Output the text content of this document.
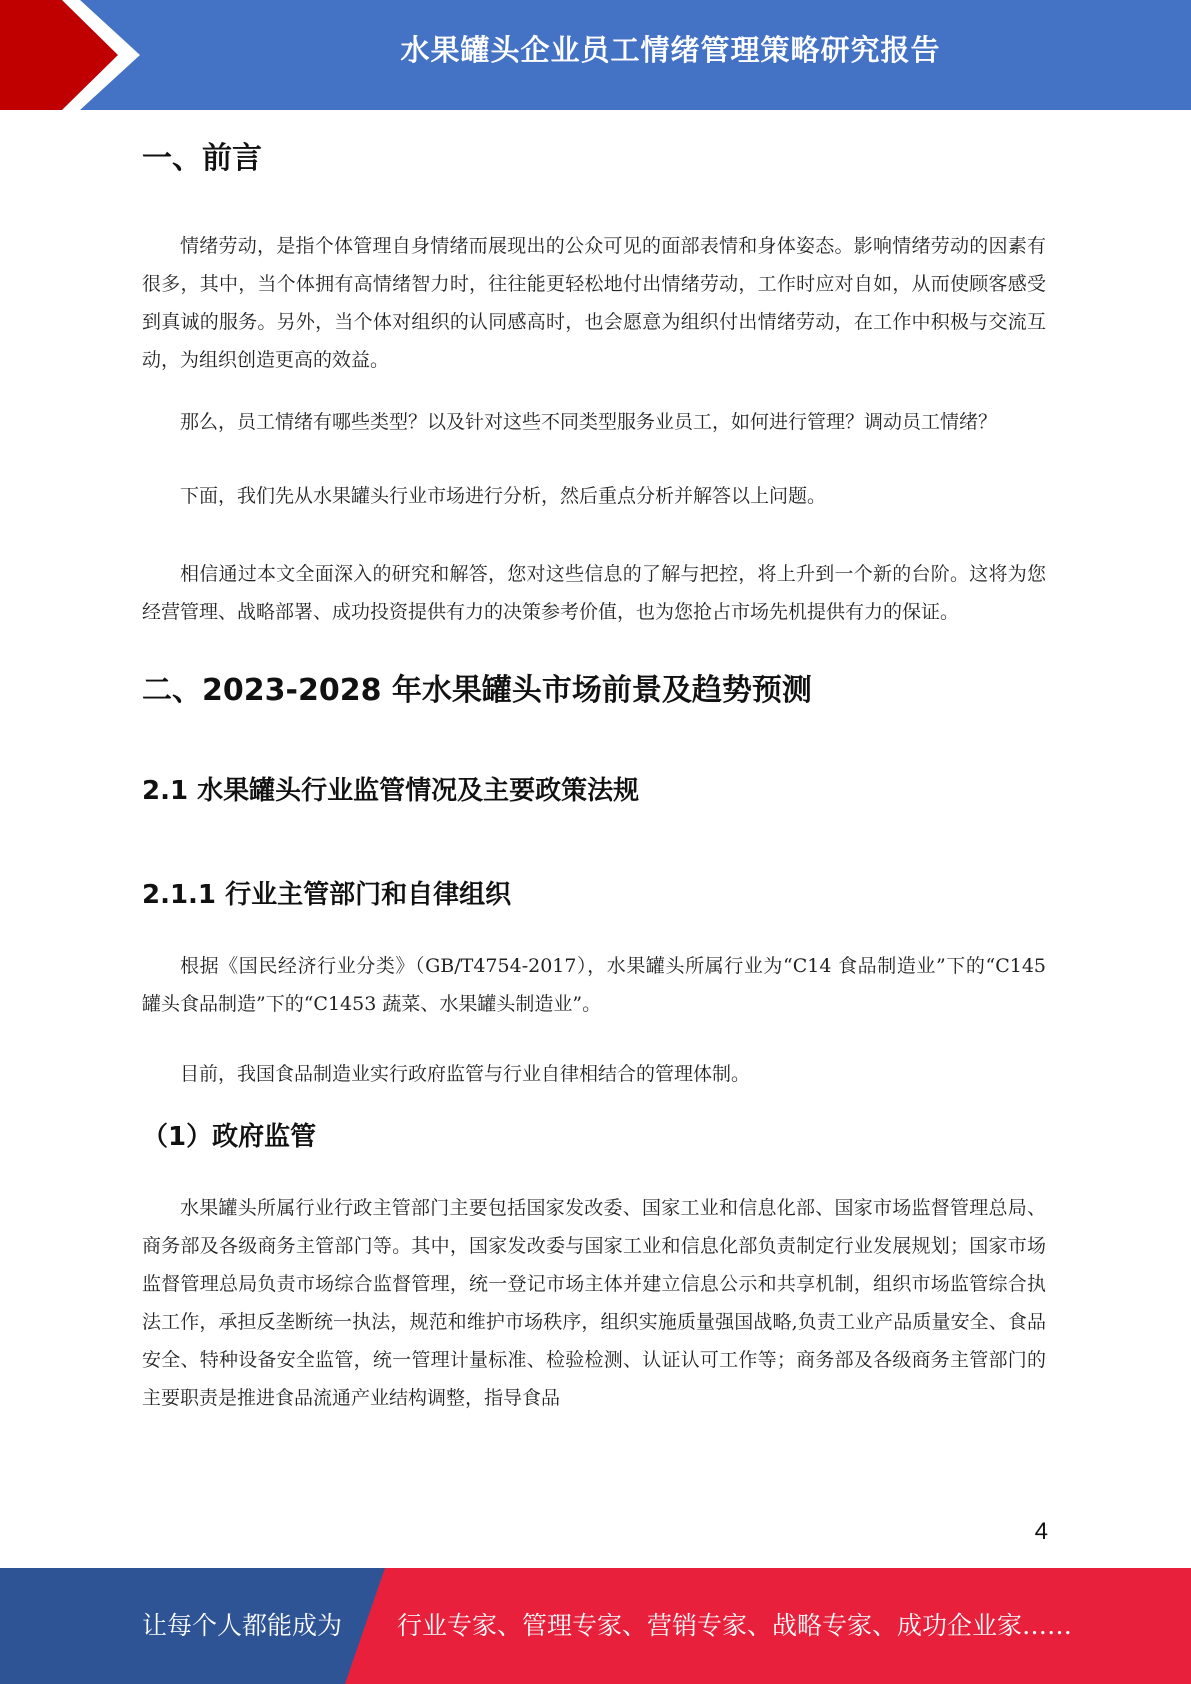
水果罐头企业员工情绪管理策略研究报告
一、前言

情绪劳动，是指个体管理自身情绪而展现出的公众可见的面部表情和身体姿态。影响情绪劳动的因素有很多，其中，当个体拥有高情绪智力时，往往能更轻松地付出情绪劳动，工作时应对自如，从而使顾客感受到真诚的服务。另外，当个体对组织的认同感高时，也会愿意为组织付出情绪劳动，在工作中积极与交流互动，为组织创造更高的效益。

那么，员工情绪有哪些类型？以及针对这些不同类型服务业员工，如何进行管理？调动员工情绪？

下面，我们先从水果罐头行业市场进行分析，然后重点分析并解答以上问题。

相信通过本文全面深入的研究和解答，您对这些信息的了解与把控，将上升到一个新的台阶。这将为您经营管理、战略部署、成功投资提供有力的决策参考价值，也为您抢占市场先机提供有力的保证。

二、2023-2028 年水果罐头市场前景及趋势预测
2.1 水果罐头行业监管情况及主要政策法规
2.1.1 行业主管部门和自律组织

根据《国民经济行业分类》（GB/T4754-2017），水果罐头所属行业为“C14 食品制造业”下的“C145 罐头食品制造”下的“C1453 蔬菜、水果罐头制造业”。

目前，我国食品制造业实行政府监管与行业自律相结合的管理体制。

（1）政府监管

水果罐头所属行业行政主管部门主要包括国家发改委、国家工业和信息化部、国家市场监督管理总局、商务部及各级商务主管部门等。其中，国家发改委与国家工业和信息化部负责制定行业发展规划；国家市场监督管理总局负责市场综合监督管理，统一登记市场主体并建立信息公示和共享机制，组织市场监管综合执法工作，承担反垄断统一执法，规范和维护市场秩序，组织实施质量强国战略,负责工业产品质量安全、食品安全、特种设备安全监管，统一管理计量标准、检验检测、认证认可工作等；商务部及各级商务主管部门的主要职责是推进食品流通产业结构调整，指导食品

4
让每个人都能成为 行业专家、管理专家、营销专家、战略专家、成功企业家……
